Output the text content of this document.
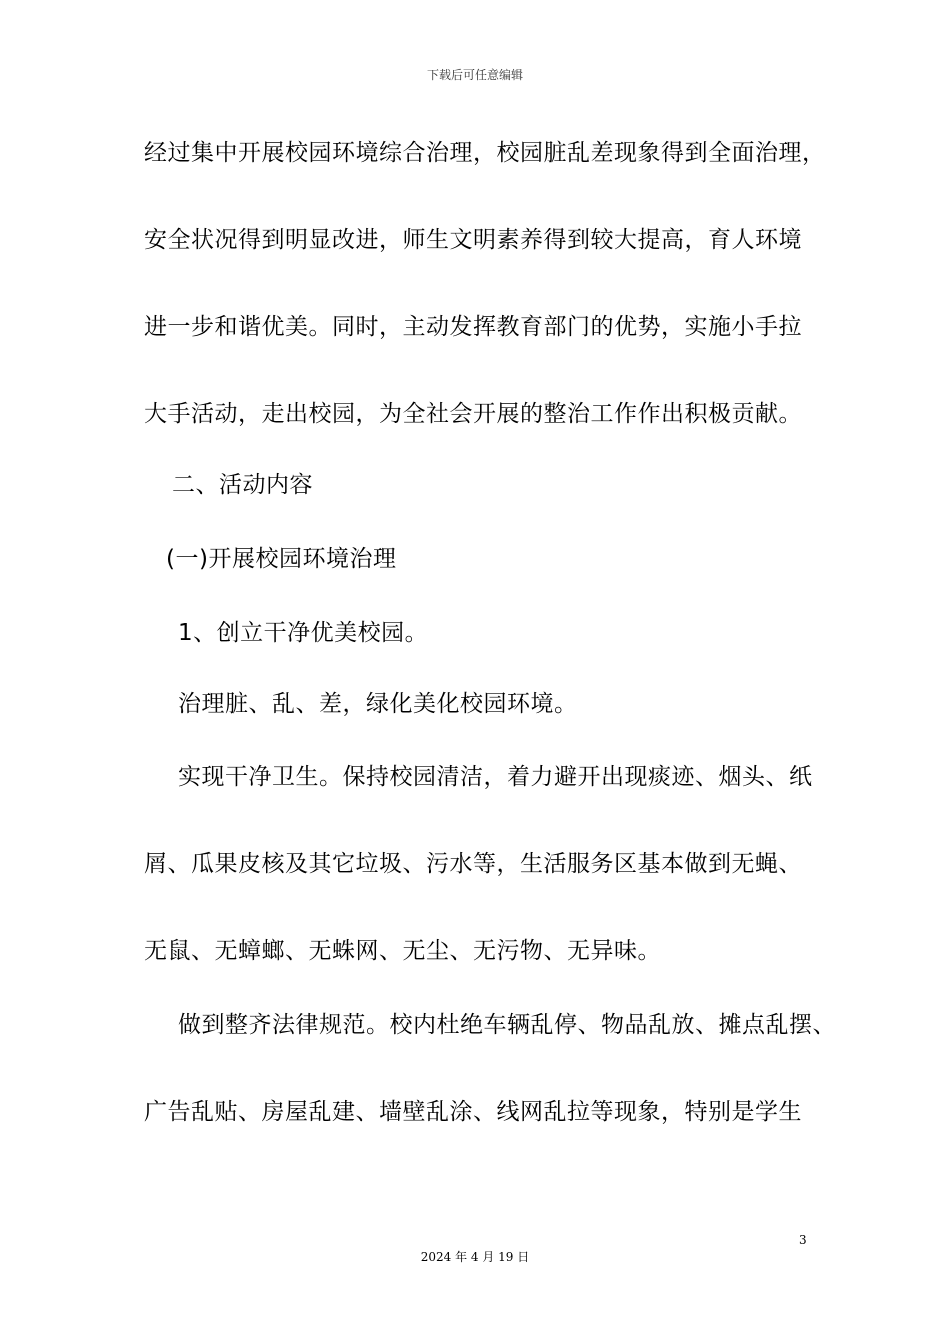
下载后可任意编辑
经过集中开展校园环境综合治理，校园脏乱差现象得到全面治理，
安全状况得到明显改进，师生文明素养得到较大提高，育人环境
进一步和谐优美。同时，主动发挥教育部门的优势，实施小手拉
大手活动，走出校园，为全社会开展的整治工作作出积极贡献。
二、活动内容
(一)开展校园环境治理
1、创立干净优美校园。
治理脏、乱、差，绿化美化校园环境。
实现干净卫生。保持校园清洁，着力避开出现痰迹、烟头、纸
屑、瓜果皮核及其它垃圾、污水等，生活服务区基本做到无蝇、
无鼠、无蟑螂、无蛛网、无尘、无污物、无异味。
做到整齐法律规范。校内杜绝车辆乱停、物品乱放、摊点乱摆、
广告乱贴、房屋乱建、墙壁乱涂、线网乱拉等现象，特别是学生
3
2024 年 4 月 19 日
